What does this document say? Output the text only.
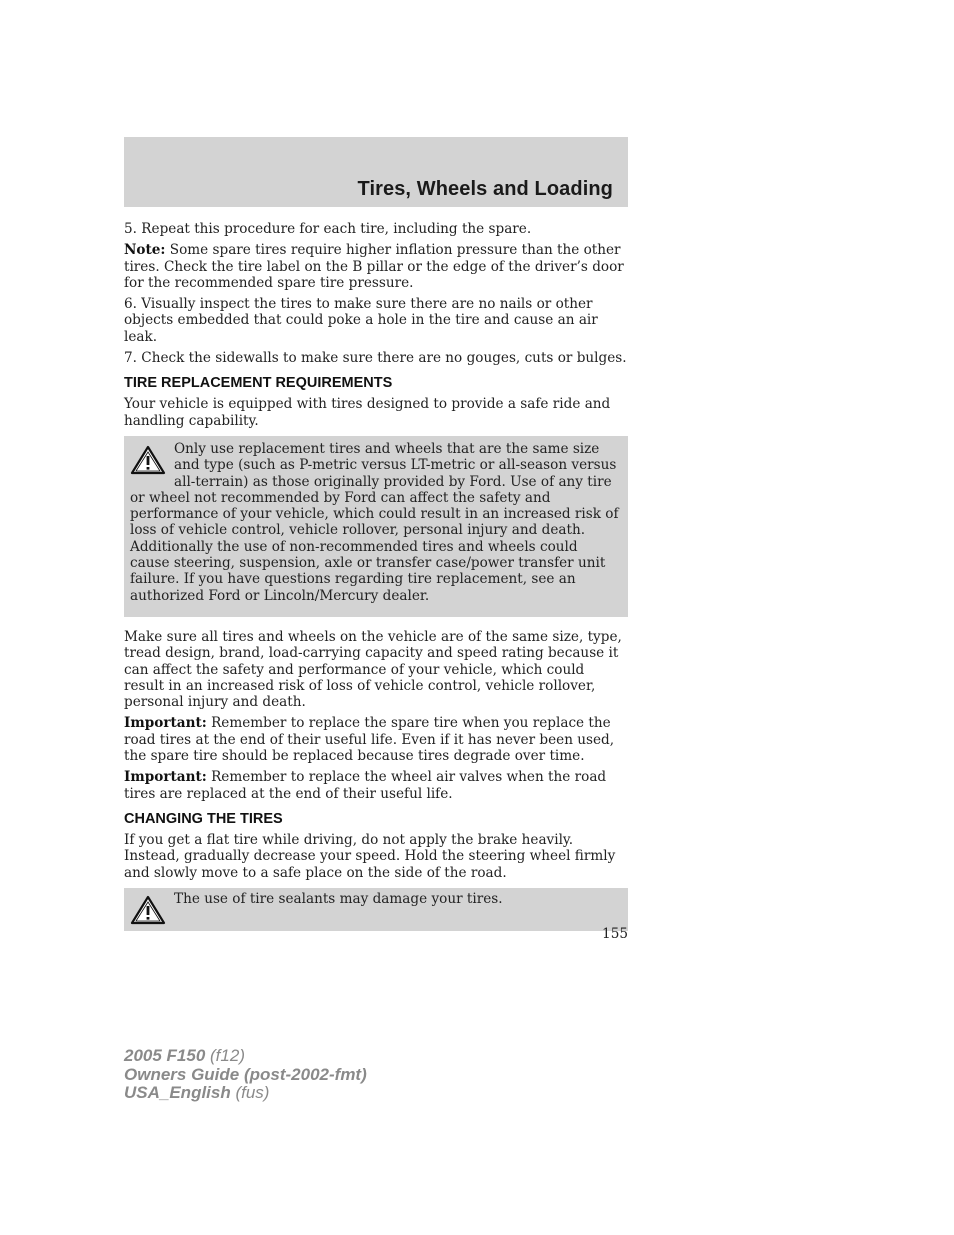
Tires, Wheels and Loading

5. Repeat this procedure for each tire, including the spare.

Note: Some spare tires require higher inflation pressure than the other tires. Check the tire label on the B pillar or the edge of the driver’s door for the recommended spare tire pressure.

6. Visually inspect the tires to make sure there are no nails or other objects embedded that could poke a hole in the tire and cause an air leak.

7. Check the sidewalls to make sure there are no gouges, cuts or bulges.

TIRE REPLACEMENT REQUIREMENTS

Your vehicle is equipped with tires designed to provide a safe ride and handling capability.

Only use replacement tires and wheels that are the same size and type (such as P-metric versus LT-metric or all-season versus all-terrain) as those originally provided by Ford. Use of any tire or wheel not recommended by Ford can affect the safety and performance of your vehicle, which could result in an increased risk of loss of vehicle control, vehicle rollover, personal injury and death. Additionally the use of non-recommended tires and wheels could cause steering, suspension, axle or transfer case/power transfer unit failure. If you have questions regarding tire replacement, see an authorized Ford or Lincoln/Mercury dealer.

Make sure all tires and wheels on the vehicle are of the same size, type, tread design, brand, load-carrying capacity and speed rating because it can affect the safety and performance of your vehicle, which could result in an increased risk of loss of vehicle control, vehicle rollover, personal injury and death.

Important: Remember to replace the spare tire when you replace the road tires at the end of their useful life. Even if it has never been used, the spare tire should be replaced because tires degrade over time.

Important: Remember to replace the wheel air valves when the road tires are replaced at the end of their useful life.

CHANGING THE TIRES

If you get a flat tire while driving, do not apply the brake heavily. Instead, gradually decrease your speed. Hold the steering wheel firmly and slowly move to a safe place on the side of the road.

The use of tire sealants may damage your tires.

155
2005 F150 (f12)
Owners Guide (post-2002-fmt)
USA_English (fus)
